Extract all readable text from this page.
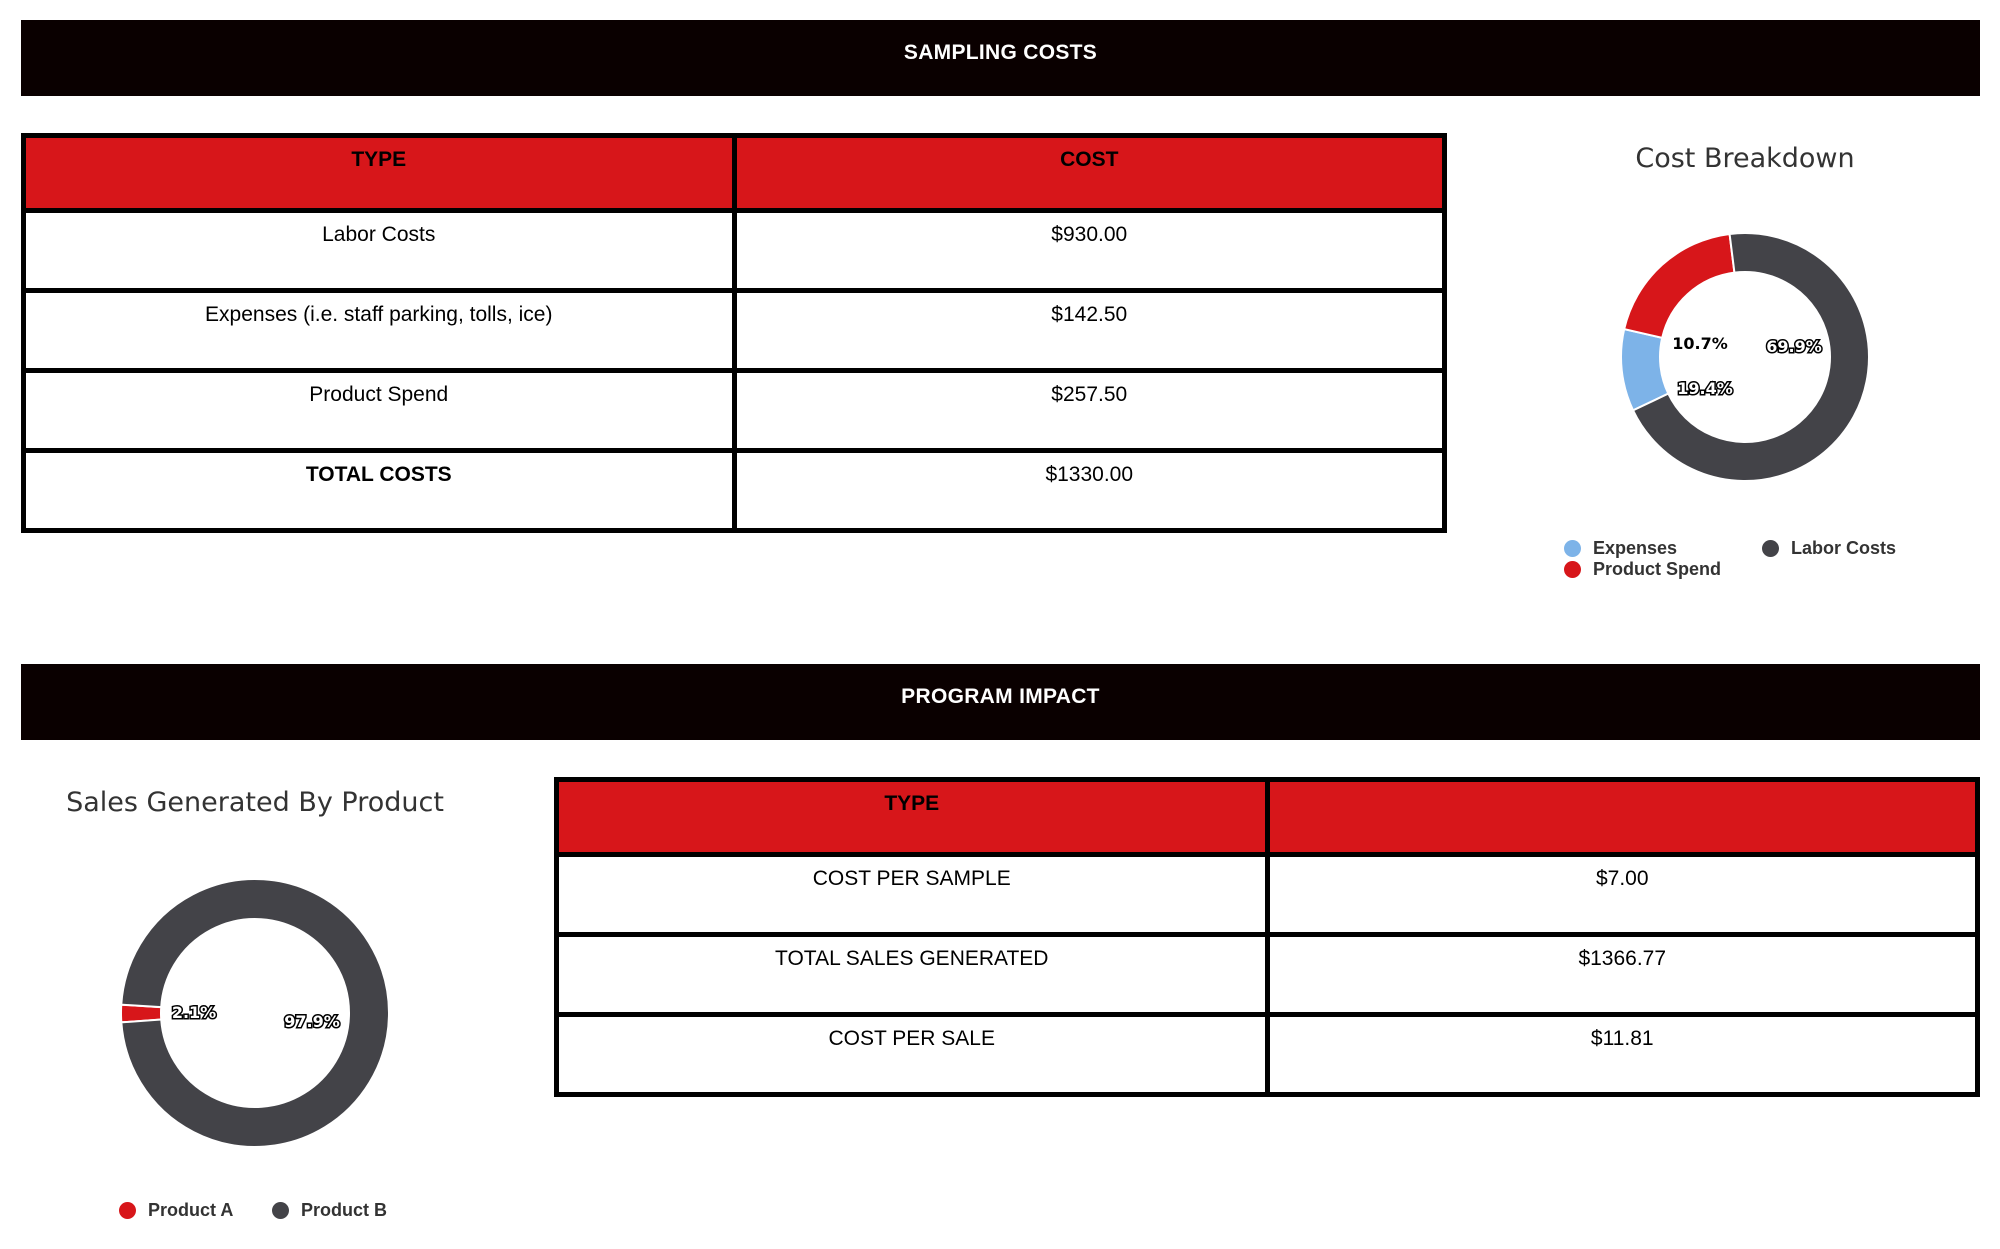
SAMPLING COSTS
TYPE	COST
Labor Costs	$930.00
Expenses (i.e. staff parking, tolls, ice)	$142.50
Product Spend	$257.50
TOTAL COSTS	$1330.00
Cost Breakdown
10.7%
19.4%
69.9%
Expenses	Labor Costs
Product Spend
PROGRAM IMPACT
Sales Generated By Product
2.1%	97.9%
Product A	Product B
TYPE	
COST PER SAMPLE	$7.00
TOTAL SALES GENERATED	$1366.77
COST PER SALE	$11.81
